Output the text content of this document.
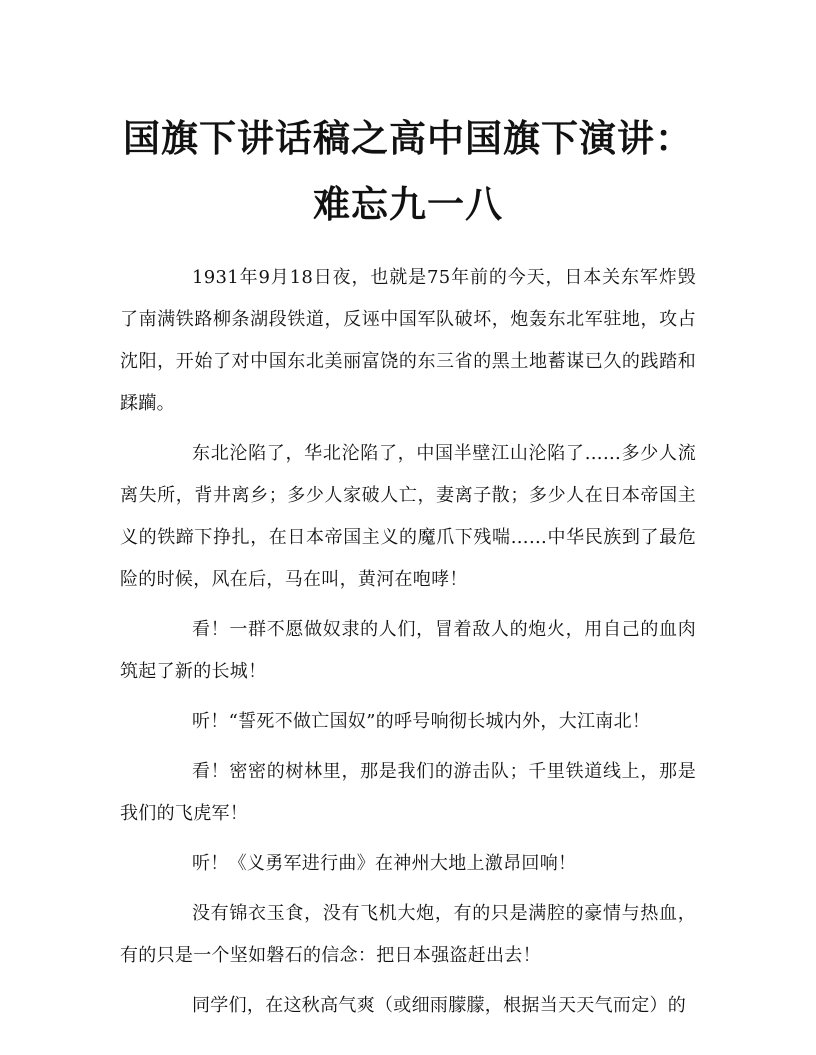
国旗下讲话稿之高中国旗下演讲：难忘九一八

1931年9月18日夜，也就是75年前的今天，日本关东军炸毁了南满铁路柳条湖段铁道，反诬中国军队破坏，炮轰东北军驻地，攻占沈阳，开始了对中国东北美丽富饶的东三省的黑土地蓄谋已久的践踏和蹂躏。

东北沦陷了，华北沦陷了，中国半壁江山沦陷了……多少人流离失所，背井离乡；多少人家破人亡，妻离子散；多少人在日本帝国主义的铁蹄下挣扎，在日本帝国主义的魔爪下残喘……中华民族到了最危险的时候，风在后，马在叫，黄河在咆哮！

看！一群不愿做奴隶的人们，冒着敌人的炮火，用自己的血肉筑起了新的长城！

听！“誓死不做亡国奴”的呼号响彻长城内外，大江南北！

看！密密的树林里，那是我们的游击队；千里铁道线上，那是我们的飞虎军！

听！《义勇军进行曲》在神州大地上激昂回响！

没有锦衣玉食，没有飞机大炮，有的只是满腔的豪情与热血，有的只是一个坚如磐石的信念：把日本强盗赶出去！

同学们，在这秋高气爽（或细雨朦朦，根据当天天气而定）的
